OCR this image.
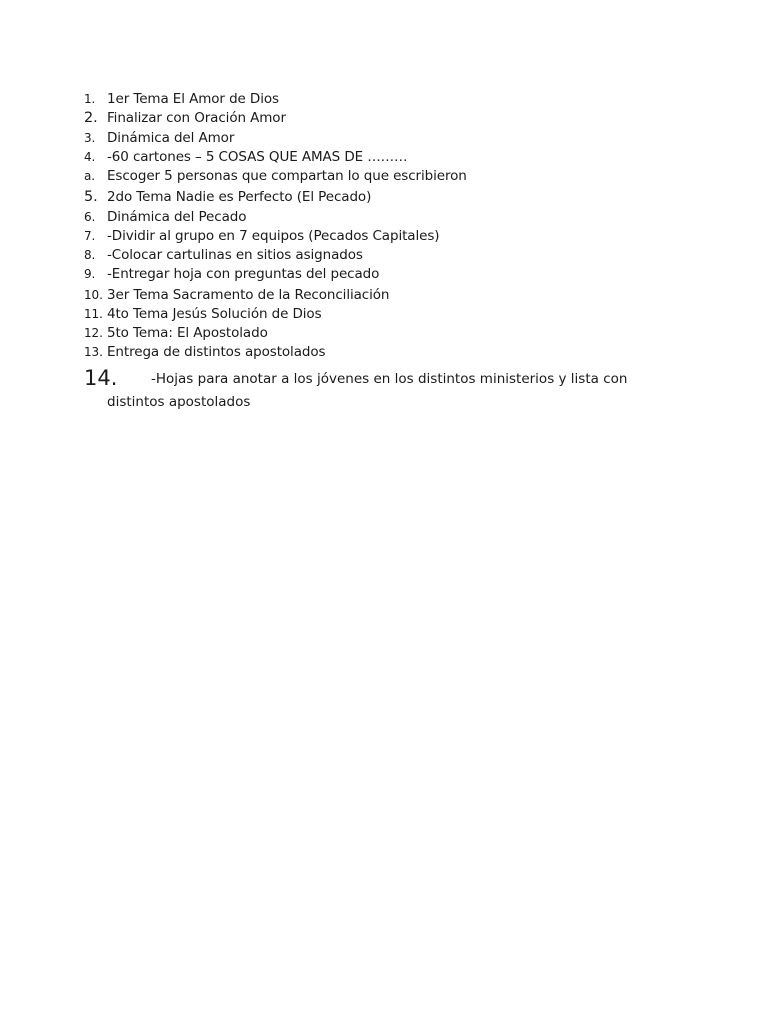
1. 1er Tema El Amor de Dios
2. Finalizar con Oración Amor
3. Dinámica del Amor
4. -60 cartones – 5 COSAS QUE AMAS DE ………
a. Escoger 5 personas que compartan lo que escribieron
5. 2do Tema Nadie es Perfecto (El Pecado)
6. Dinámica del Pecado
7. -Dividir al grupo en 7 equipos (Pecados Capitales)
8. -Colocar cartulinas en sitios asignados
9. -Entregar hoja con preguntas del pecado
10. 3er Tema Sacramento de la Reconciliación
11. 4to Tema Jesús Solución de Dios
12. 5to Tema: El Apostolado
13. Entrega de distintos apostolados
14. -Hojas para anotar a los jóvenes en los distintos ministerios y lista con
distintos apostolados
